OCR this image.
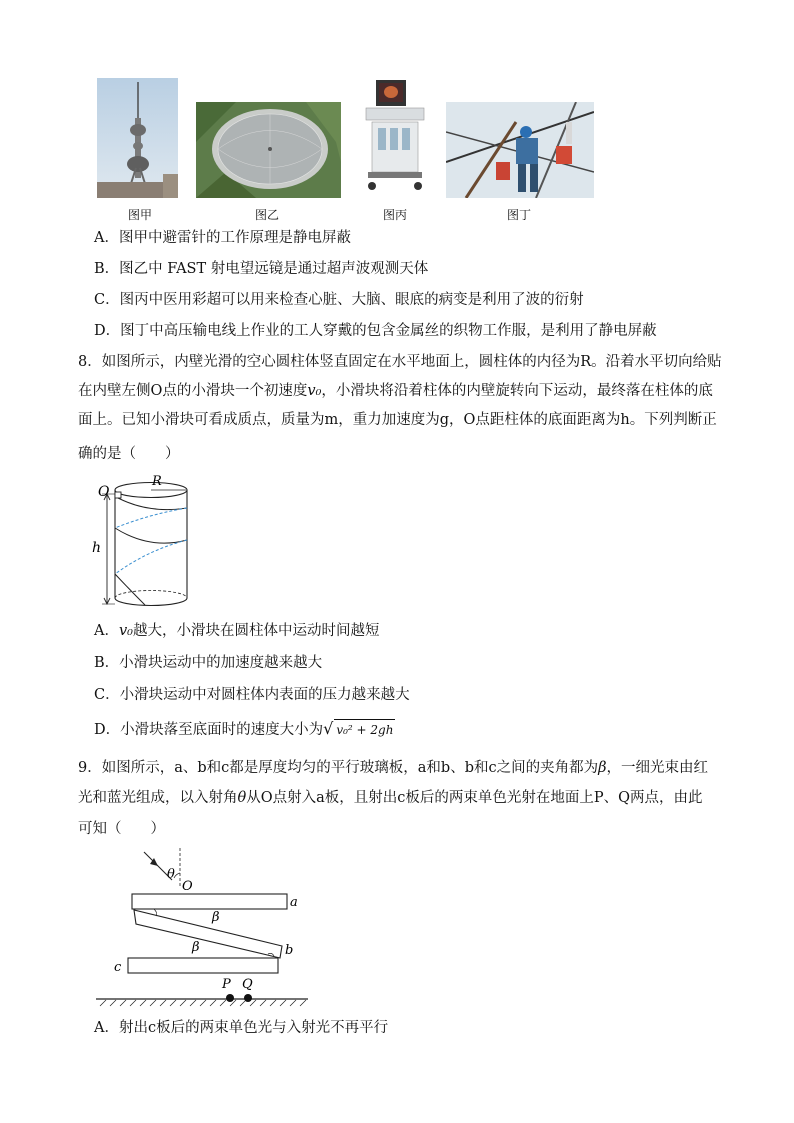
图甲	图乙	图丙	图丁
A．图甲中避雷针的工作原理是静电屏蔽
B．图乙中 FAST 射电望远镜是通过超声波观测天体
C．图丙中医用彩超可以用来检查心脏、大脑、眼底的病变是利用了波的衍射
D．图丁中高压输电线上作业的工人穿戴的包含金属丝的织物工作服，是利用了静电屏蔽
8．如图所示，内壁光滑的空心圆柱体竖直固定在水平地面上，圆柱体的内径为R。沿着水平切向给贴
在内壁左侧O点的小滑块一个初速度v₀，小滑块将沿着柱体的内壁旋转向下运动，最终落在柱体的底
面上。已知小滑块可看成质点，质量为m，重力加速度为g，O点距柱体的底面距离为h。下列判断正
确的是（　　）
O
R
h
A．v₀越大，小滑块在圆柱体中运动时间越短
B．小滑块运动中的加速度越来越大
C．小滑块运动中对圆柱体内表面的压力越来越大
D．小滑块落至底面时的速度大小为√ v₀² + 2gh
9．如图所示，a、b和c都是厚度均匀的平行玻璃板，a和b、b和c之间的夹角都为β，一细光束由红
光和蓝光组成，以入射角θ从O点射入a板，且射出c板后的两束单色光射在地面上P、Q两点，由此
可知（　　）
θ
O
a
β
β	b
c
P Q
A．射出c板后的两束单色光与入射光不再平行
